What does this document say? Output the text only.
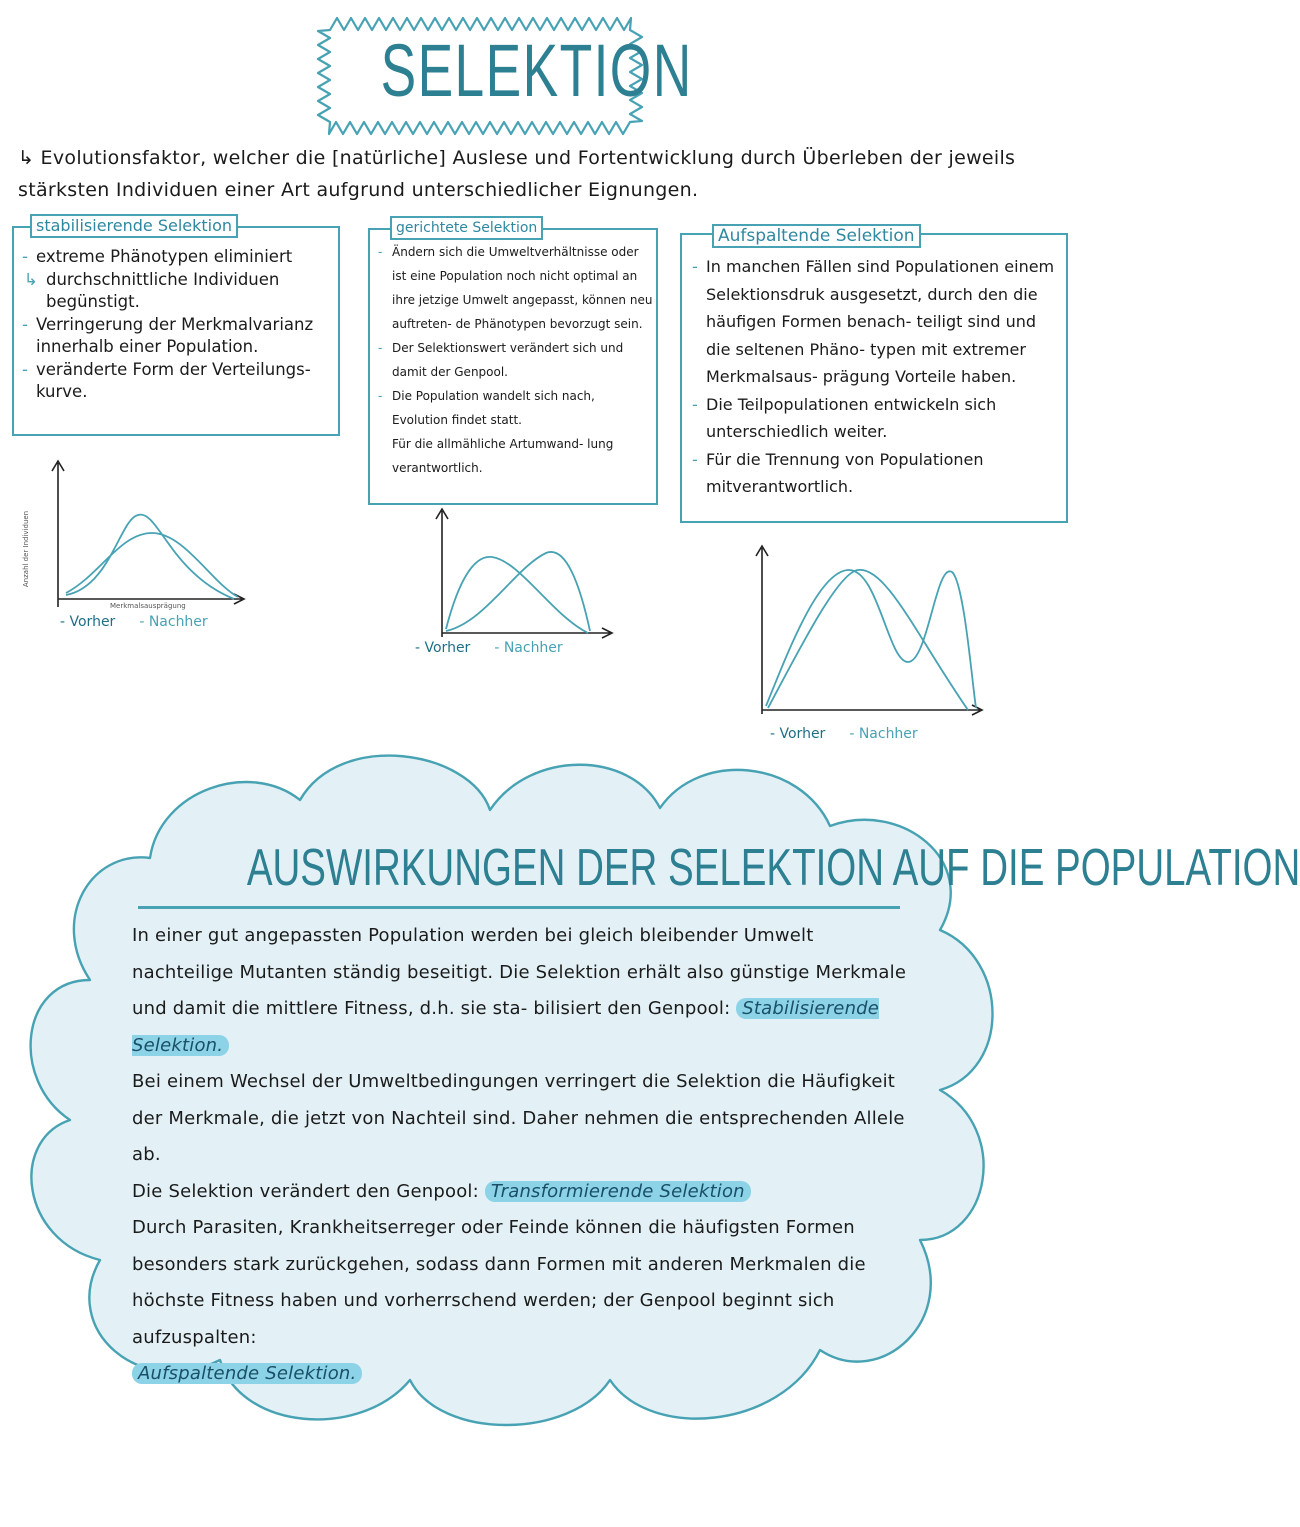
SELEKTION
↳ Evolutionsfaktor, welcher die [natürliche] Auslese und Fortentwicklung durch Überleben der jeweils stärksten Individuen einer Art aufgrund unterschiedlicher Eignungen.
- extreme Phänotypen eliminiert
↳ durchschnittliche Individuen begünstigt.
- Verringerung der Merkmalvarianz innerhalb einer Population.
- veränderte Form der Verteilungs- kurve.
stabilisierende Selektion
- Ändern sich die Umweltverhältnisse oder ist eine Population noch nicht optimal an ihre jetzige Umwelt angepasst, können neu auftreten- de Phänotypen bevorzugt sein.
- Der Selektionswert verändert sich und damit der Genpool.
- Die Population wandelt sich nach, Evolution findet statt.
Für die allmähliche Artumwand- lung verantwortlich.
gerichtete Selektion
- In manchen Fällen sind Populationen einem Selektionsdruk ausgesetzt, durch den die häufigen Formen benach- teiligt sind und die seltenen Phäno- typen mit extremer Merkmalsaus- prägung Vorteile haben.
- Die Teilpopulationen entwickeln sich unterschiedlich weiter.
- Für die Trennung von Populationen mitverantwortlich.
Aufspaltende Selektion
Anzahl der Individuen
Merkmalsausprägung
- Vorher - Nachher
- Vorher - Nachher
- Vorher - Nachher
AUSWIRKUNGEN DER SELEKTION AUF DIE POPULATION
In einer gut angepassten Population werden bei gleich bleibender Umwelt nachteilige Mutanten ständig beseitigt. Die Selektion erhält also günstige Merkmale und damit die mittlere Fitness, d.h. sie sta- bilisiert den Genpool: Stabilisierende Selektion.
Bei einem Wechsel der Umweltbedingungen verringert die Selektion die Häufigkeit der Merkmale, die jetzt von Nachteil sind. Daher nehmen die entsprechenden Allele ab.
Die Selektion verändert den Genpool: Transformierende Selektion
Durch Parasiten, Krankheitserreger oder Feinde können die häufigsten Formen besonders stark zurückgehen, sodass dann Formen mit anderen Merkmalen die höchste Fitness haben und vorherrschend werden; der Genpool beginnt sich aufzuspalten:
Aufspaltende Selektion.
